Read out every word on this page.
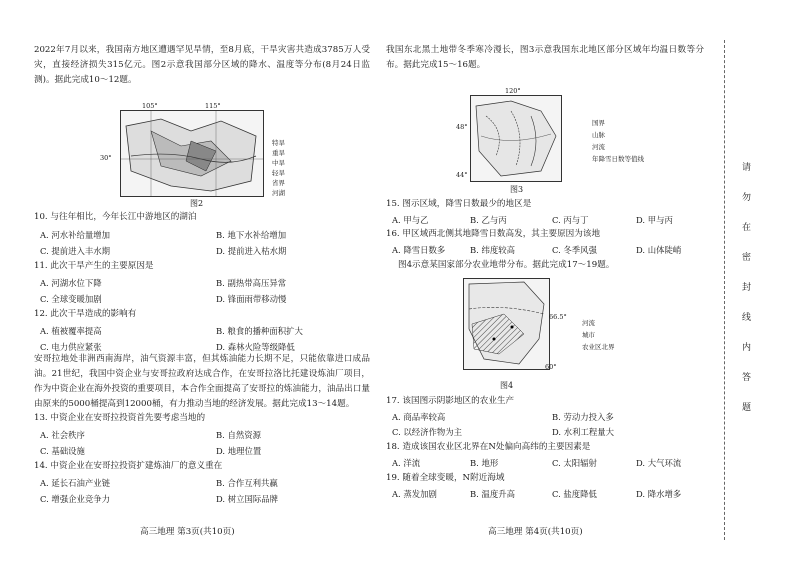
2022年7月以来，我国南方地区遭遇罕见旱情，至8月底，干旱灾害共造成3785万人受灾，直接经济损失315亿元。图2示意我国部分区域的降水、温度等分布(8月24日监测)。据此完成10～12题。
105°	115°
30°
特旱
重旱
中旱
轻旱
省界
河湖
图2
10. 与往年相比，今年长江中游地区的湖泊
A. 河水补给量增加	B. 地下水补给增加
C. 提前进入丰水期	D. 提前进入枯水期
11. 此次干旱产生的主要原因是
A. 河湖水位下降	B. 副热带高压异常
C. 全球变暖加剧	D. 锋面雨带移动慢
12. 此次干旱造成的影响有
A. 植被覆率提高	B. 粮食的播种面积扩大
C. 电力供应紧张	D. 森林火险等级降低
安哥拉地处非洲西南海岸，油气资源丰富，但其炼油能力长期不足，只能依靠进口成品油。21世纪，我国中资企业与安哥拉政府达成合作，在安哥拉洛比托建设炼油厂项目，作为中资企业在海外投资的重要项目，本合作全面提高了安哥拉的炼油能力，油品出口量由原来的5000桶提高到12000桶，有力推动当地的经济发展。据此完成13～14题。
13. 中资企业在安哥拉投资首先要考虑当地的
A. 社会秩序	B. 自然资源
C. 基础设施	D. 地理位置
14. 中资企业在安哥拉投资扩建炼油厂的意义重在
A. 延长石油产业链	B. 合作互利共赢
C. 增强企业竞争力	D. 树立国际品牌
高三地理 第3页(共10页)
我国东北黑土地带冬季寒冷漫长，图3示意我国东北地区部分区域年均温日数等分布。据此完成15～16题。
120°
48°
44°
国界
山脉
河流
年降雪日数等值线
图3
15. 图示区域，降雪日数最少的地区是
A. 甲与乙	B. 乙与丙	C. 丙与丁	D. 甲与丙
16. 甲区域西北侧其地降雪日数高发，其主要原因为该地
A. 降雪日数多	B. 纬度较高	C. 冬季风强	D. 山体陡峭
图4示意某国家部分农业地带分布。据此完成17～19题。
66.5°
60°
河流
城市
农业区北界
图4
17. 该国图示阴影地区的农业生产
A. 商品率较高	B. 劳动力投入多
C. 以经济作物为主	D. 水利工程量大
18. 造成该国农业区北界在N处偏向高纬的主要因素是
A. 洋流	B. 地形	C. 太阳辐射	D. 大气环流
19. 随着全球变暖，N附近海域
A. 蒸发加剧	B. 温度升高	C. 盐度降低	D. 降水增多
高三地理 第4页(共10页)
请
勿
在
密
封
线
内
答
题
